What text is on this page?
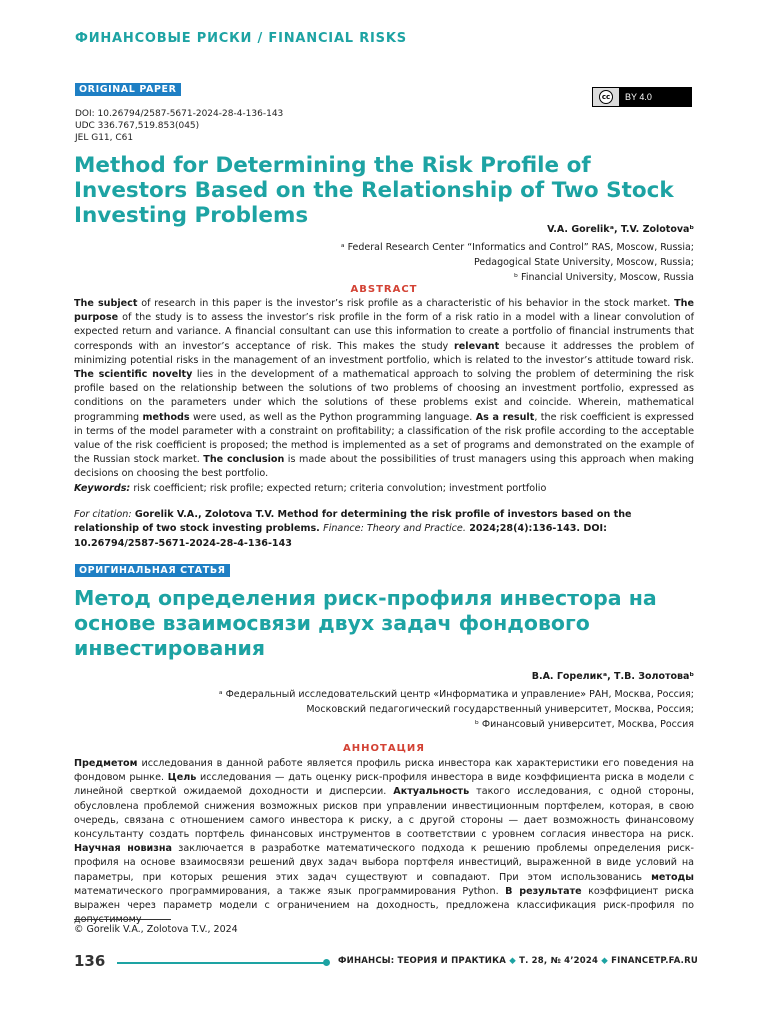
ФИНАНСОВЫЕ РИСКИ / FINANCIAL RISKS
ORIGINAL PAPER
cc	BY 4.0
DOI: 10.26794/2587-5671-2024-28-4-136-143
UDC 336.767,519.853(045)
JEL G11, C61
Method for Determining the Risk Profile of Investors Based on the Relationship of Two Stock Investing Problems
V.A. Gorelikᵃ, T.V. Zolotovaᵇ
ᵃ Federal Research Center “Informatics and Control” RAS, Moscow, Russia;
Pedagogical State University, Moscow, Russia;
ᵇ Financial University, Moscow, Russia
ABSTRACT
The subject of research in this paper is the investor’s risk profile as a characteristic of his behavior in the stock market. The purpose of the study is to assess the investor’s risk profile in the form of a risk ratio in a model with a linear convolution of expected return and variance. A financial consultant can use this information to create a portfolio of financial instruments that corresponds with an investor’s acceptance of risk. This makes the study relevant because it addresses the problem of minimizing potential risks in the management of an investment portfolio, which is related to the investor’s attitude toward risk. The scientific novelty lies in the development of a mathematical approach to solving the problem of determining the risk profile based on the relationship between the solutions of two problems of choosing an investment portfolio, expressed as conditions on the parameters under which the solutions of these problems exist and coincide. Wherein, mathematical programming methods were used, as well as the Python programming language. As a result, the risk coefficient is expressed in terms of the model parameter with a constraint on profitability; a classification of the risk profile according to the acceptable value of the risk coefficient is proposed; the method is implemented as a set of programs and demonstrated on the example of the Russian stock market. The conclusion is made about the possibilities of trust managers using this approach when making decisions on choosing the best portfolio.
Keywords: risk coefficient; risk profile; expected return; criteria convolution; investment portfolio
For citation: Gorelik V.A., Zolotova T.V. Method for determining the risk profile of investors based on the relationship of two stock investing problems. Finance: Theory and Practice. 2024;28(4):136-143. DOI: 10.26794/2587-5671-2024-28-4-136-143
ОРИГИНАЛЬНАЯ СТАТЬЯ
Метод определения риск-профиля инвестора на основе взаимосвязи двух задач фондового инвестирования
В.А. Гореликᵃ, Т.В. Золотоваᵇ
ᵃ Федеральный исследовательский центр «Информатика и управление» РАН, Москва, Россия;
Московский педагогический государственный университет, Москва, Россия;
ᵇ Финансовый университет, Москва, Россия
АННОТАЦИЯ
Предметом исследования в данной работе является профиль риска инвестора как характеристики его поведения на фондовом рынке. Цель исследования — дать оценку риск-профиля инвестора в виде коэффициента риска в модели с линейной сверткой ожидаемой доходности и дисперсии. Актуальность такого исследования, с одной стороны, обусловлена проблемой снижения возможных рисков при управлении инвестиционным портфелем, которая, в свою очередь, связана с отношением самого инвестора к риску, а с другой стороны — дает возможность финансовому консультанту создать портфель финансовых инструментов в соответствии с уровнем согласия инвестора на риск. Научная новизна заключается в разработке математического подхода к решению проблемы определения риск-профиля на основе взаимосвязи решений двух задач выбора портфеля инвестиций, выраженной в виде условий на параметры, при которых решения этих задач существуют и совпадают. При этом использованись методы математического программирования, а также язык программирования Python. В результате коэффициент риска выражен через параметр модели с ограничением на доходность, предложена классификация риск-профиля по
© Gorelik V.A., Zolotova T.V., 2024
136	ФИНАНСЫ: ТЕОРИЯ И ПРАКТИКА ◆ Т. 28, № 4’2024 ◆ FINANCETP.FA.RU
